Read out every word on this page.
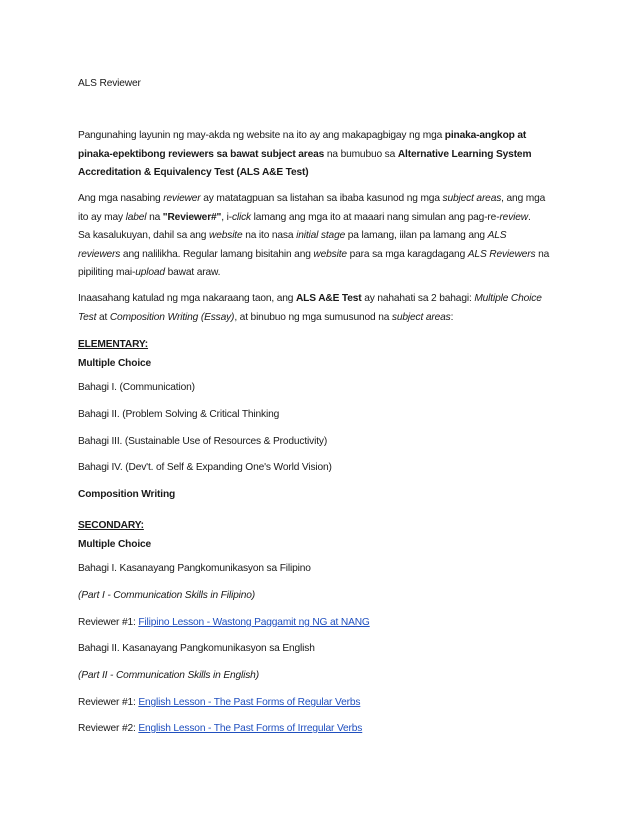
ALS Reviewer
Pangunahing layunin ng may-akda ng website na ito ay ang makapagbigay ng mga pinaka-angkop at
pinaka-epektibong reviewers sa bawat subject areas na bumubuo sa Alternative Learning System
Accreditation & Equivalency Test (ALS A&E Test)
Ang mga nasabing reviewer ay matatagpuan sa listahan sa ibaba kasunod ng mga subject areas, ang mga
ito ay may label na "Reviewer#", i-click lamang ang mga ito at maaari nang simulan ang pag-re-review.
Sa kasalukuyan, dahil sa ang website na ito nasa initial stage pa lamang, iilan pa lamang ang ALS
reviewers ang nalilikha. Regular lamang bisitahin ang website para sa mga karagdagang ALS Reviewers na
pipiliting mai-upload bawat araw.
Inaasahang katulad ng mga nakaraang taon, ang ALS A&E Test ay nahahati sa 2 bahagi: Multiple Choice
Test at Composition Writing (Essay), at binubuo ng mga sumusunod na subject areas:
ELEMENTARY:
Multiple Choice
Bahagi I. (Communication)
Bahagi II. (Problem Solving & Critical Thinking
Bahagi III. (Sustainable Use of Resources & Productivity)
Bahagi IV. (Dev't. of Self & Expanding One's World Vision)
Composition Writing
SECONDARY:
Multiple Choice
Bahagi I. Kasanayang Pangkomunikasyon sa Filipino
(Part I - Communication Skills in Filipino)
Reviewer #1: Filipino Lesson - Wastong Paggamit ng NG at NANG
Bahagi II. Kasanayang Pangkomunikasyon sa English
(Part II - Communication Skills in English)
Reviewer #1: English Lesson - The Past Forms of Regular Verbs
Reviewer #2: English Lesson - The Past Forms of Irregular Verbs
